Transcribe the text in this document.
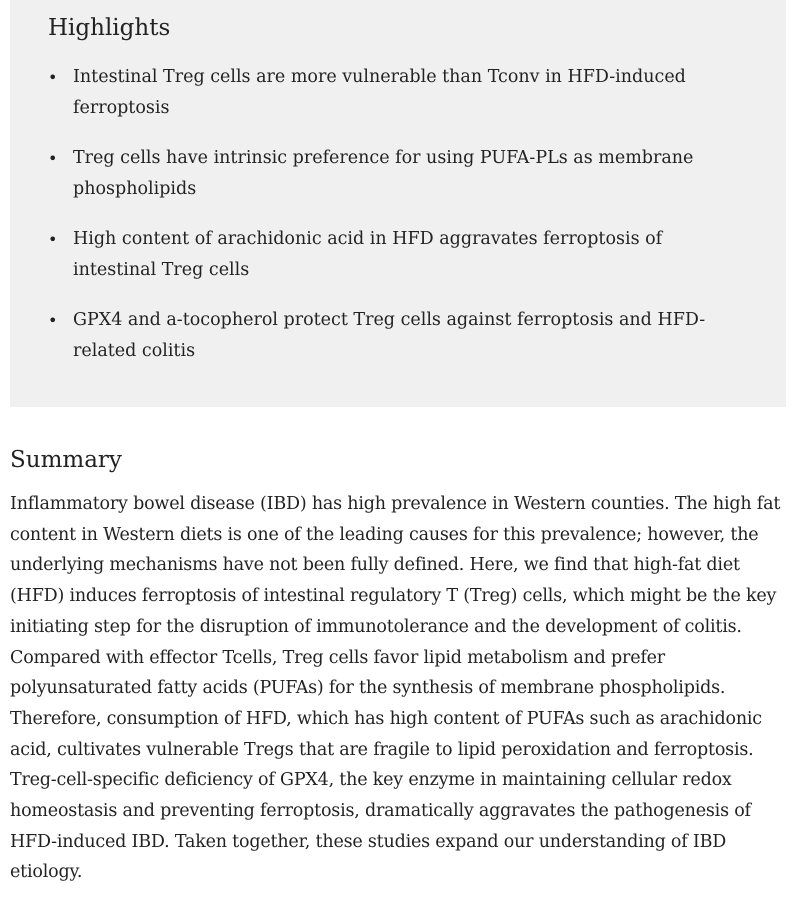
Highlights
• Intestinal Treg cells are more vulnerable than Tconv in HFD-induced ferroptosis
• Treg cells have intrinsic preference for using PUFA-PLs as membrane phospholipids
• High content of arachidonic acid in HFD aggravates ferroptosis of intestinal Treg cells
• GPX4 and a-tocopherol protect Treg cells against ferroptosis and HFD-related colitis
Summary

Inflammatory bowel disease (IBD) has high prevalence in Western counties. The high fat content in Western diets is one of the leading causes for this prevalence; however, the underlying mechanisms have not been fully defined. Here, we find that high-fat diet (HFD) induces ferroptosis of intestinal regulatory T (Treg) cells, which might be the key initiating step for the disruption of immunotolerance and the development of colitis. Compared with effector Tcells, Treg cells favor lipid metabolism and prefer polyunsaturated fatty acids (PUFAs) for the synthesis of membrane phospholipids. Therefore, consumption of HFD, which has high content of PUFAs such as arachidonic acid, cultivates vulnerable Tregs that are fragile to lipid peroxidation and ferroptosis. Treg-cell-specific deficiency of GPX4, the key enzyme in maintaining cellular redox homeostasis and preventing ferroptosis, dramatically aggravates the pathogenesis of HFD-induced IBD. Taken together, these studies expand our understanding of IBD etiology.
